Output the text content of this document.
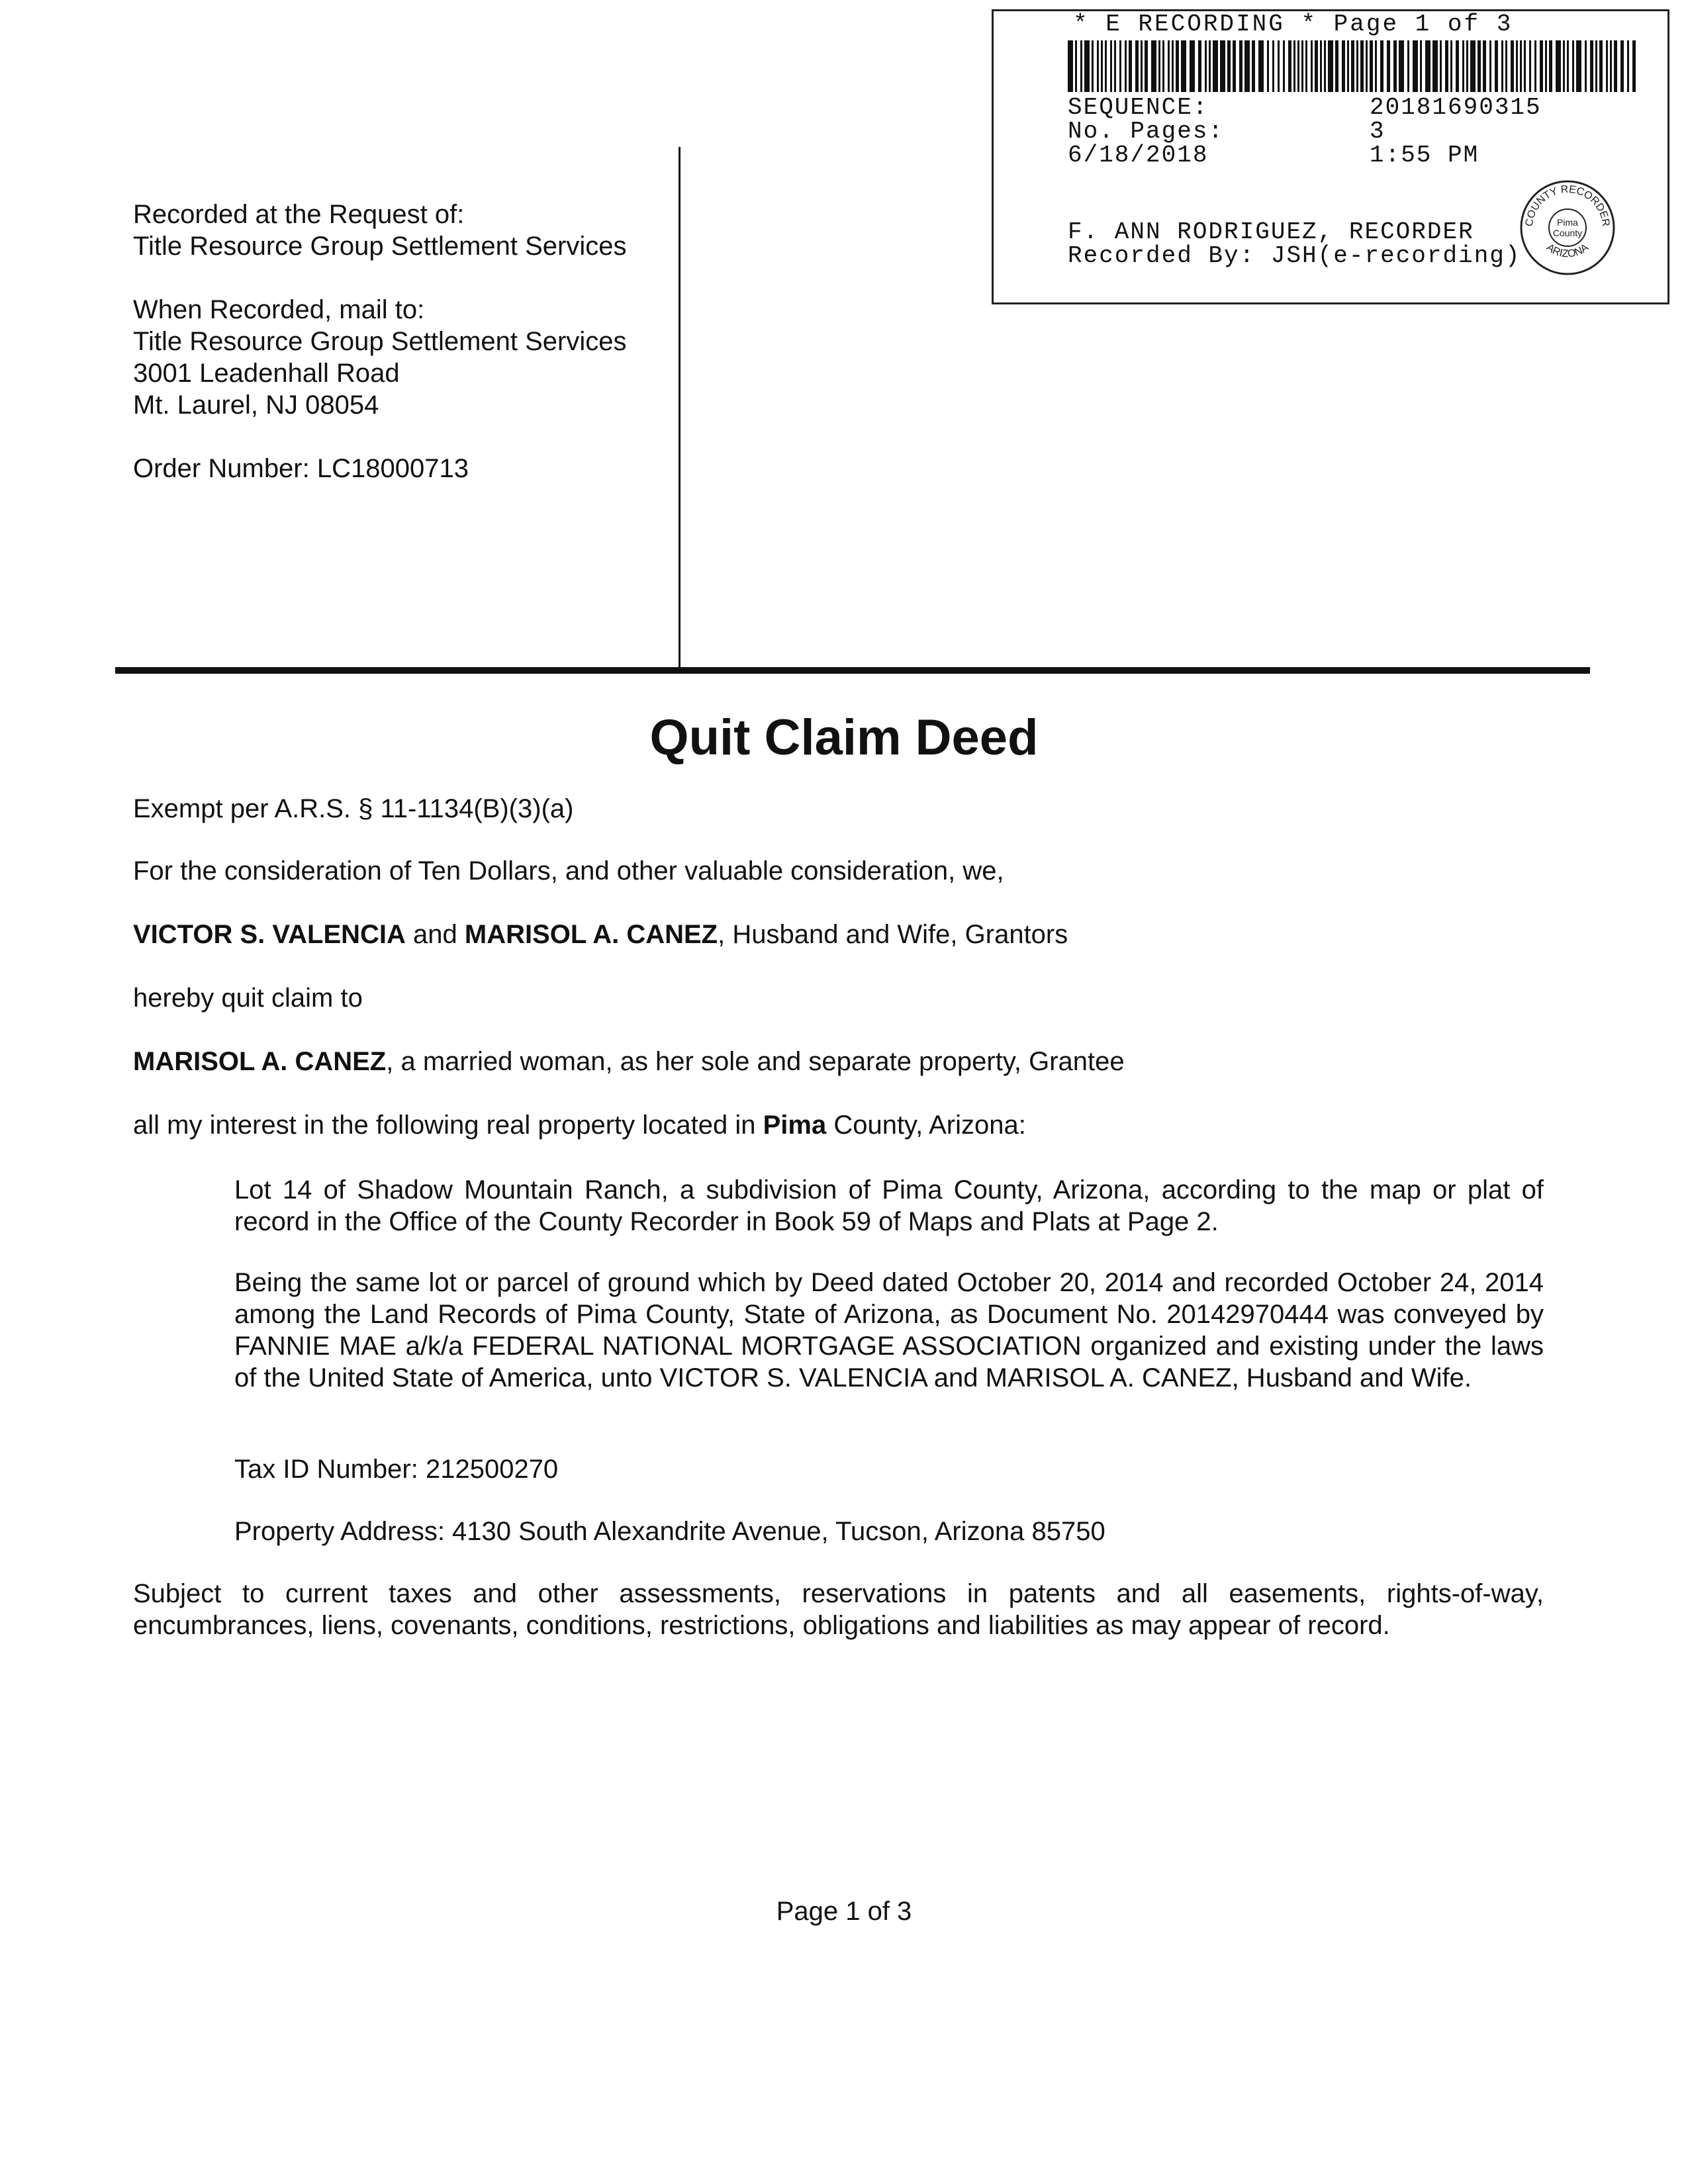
* E RECORDING * Page 1 of 3
SEQUENCE:	20181690315
No. Pages:	3
6/18/2018	1:55 PM
F. ANN RODRIGUEZ, RECORDER
Recorded By: JSH(e-recording)
COUNTY RECORDER
ARIZONA
Pima
County
Recorded at the Request of:
Title Resource Group Settlement Services
When Recorded, mail to:
Title Resource Group Settlement Services
3001 Leadenhall Road
Mt. Laurel, NJ 08054
Order Number: LC18000713
Quit Claim Deed
Exempt per A.R.S. § 11-1134(B)(3)(a)
For the consideration of Ten Dollars, and other valuable consideration, we,
VICTOR S. VALENCIA and MARISOL A. CANEZ, Husband and Wife, Grantors
hereby quit claim to
MARISOL A. CANEZ, a married woman, as her sole and separate property, Grantee
all my interest in the following real property located in Pima County, Arizona:
Lot 14 of Shadow Mountain Ranch, a subdivision of Pima County, Arizona, according to the map or plat of record in the Office of the County Recorder in Book 59 of Maps and Plats at Page 2.
Being the same lot or parcel of ground which by Deed dated October 20, 2014 and recorded October 24, 2014 among the Land Records of Pima County, State of Arizona, as Document No. 20142970444 was conveyed by FANNIE MAE a/k/a FEDERAL NATIONAL MORTGAGE ASSOCIATION organized and existing under the laws of the United State of America, unto VICTOR S. VALENCIA and MARISOL A. CANEZ, Husband and Wife.
Tax ID Number: 212500270
Property Address: 4130 South Alexandrite Avenue, Tucson, Arizona 85750
Subject to current taxes and other assessments, reservations in patents and all easements, rights-of-way, encumbrances, liens, covenants, conditions, restrictions, obligations and liabilities as may appear of record.
Page 1 of 3
